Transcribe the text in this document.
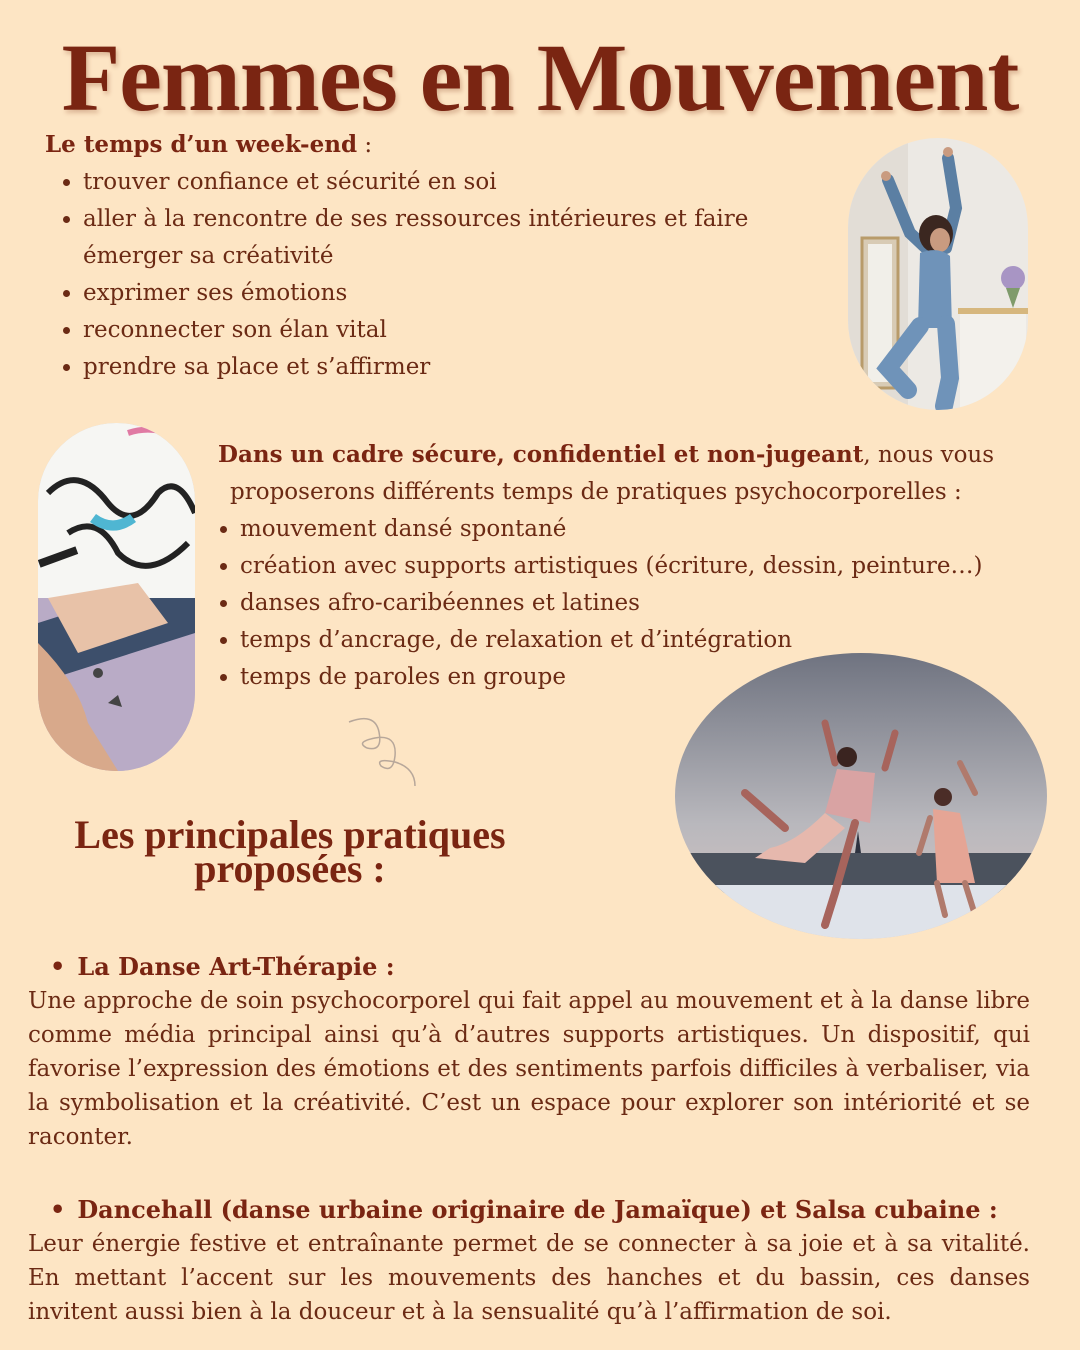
Femmes en Mouvement
Le temps d’un week-end :
• trouver confiance et sécurité en soi
• aller à la rencontre de ses ressources intérieures et faire émerger sa créativité
• exprimer ses émotions
• reconnecter son élan vital
• prendre sa place et s’affirmer
Dans un cadre sécure, confidentiel et non-jugeant, nous vous
proposerons différents temps de pratiques psychocorporelles :
• mouvement dansé spontané
• création avec supports artistiques (écriture, dessin, peinture…)
• danses afro-caribéennes et latines
• temps d’ancrage, de relaxation et d’intégration
• temps de paroles en groupe
Les principales pratiques
proposées :
• La Danse Art-Thérapie :
Une approche de soin psychocorporel qui fait appel au mouvement et à la danse libre comme média principal ainsi qu’à d’autres supports artistiques. Un dispositif, qui favorise l’expression des émotions et des sentiments parfois difficiles à verbaliser, via la symbolisation et la créativité. C’est un espace pour explorer son intériorité et se raconter.
• Dancehall (danse urbaine originaire de Jamaïque) et Salsa cubaine :
Leur énergie festive et entraînante permet de se connecter à sa joie et à sa vitalité. En mettant l’accent sur les mouvements des hanches et du bassin, ces danses invitent aussi bien à la douceur et à la sensualité qu’à l’affirmation de soi.
